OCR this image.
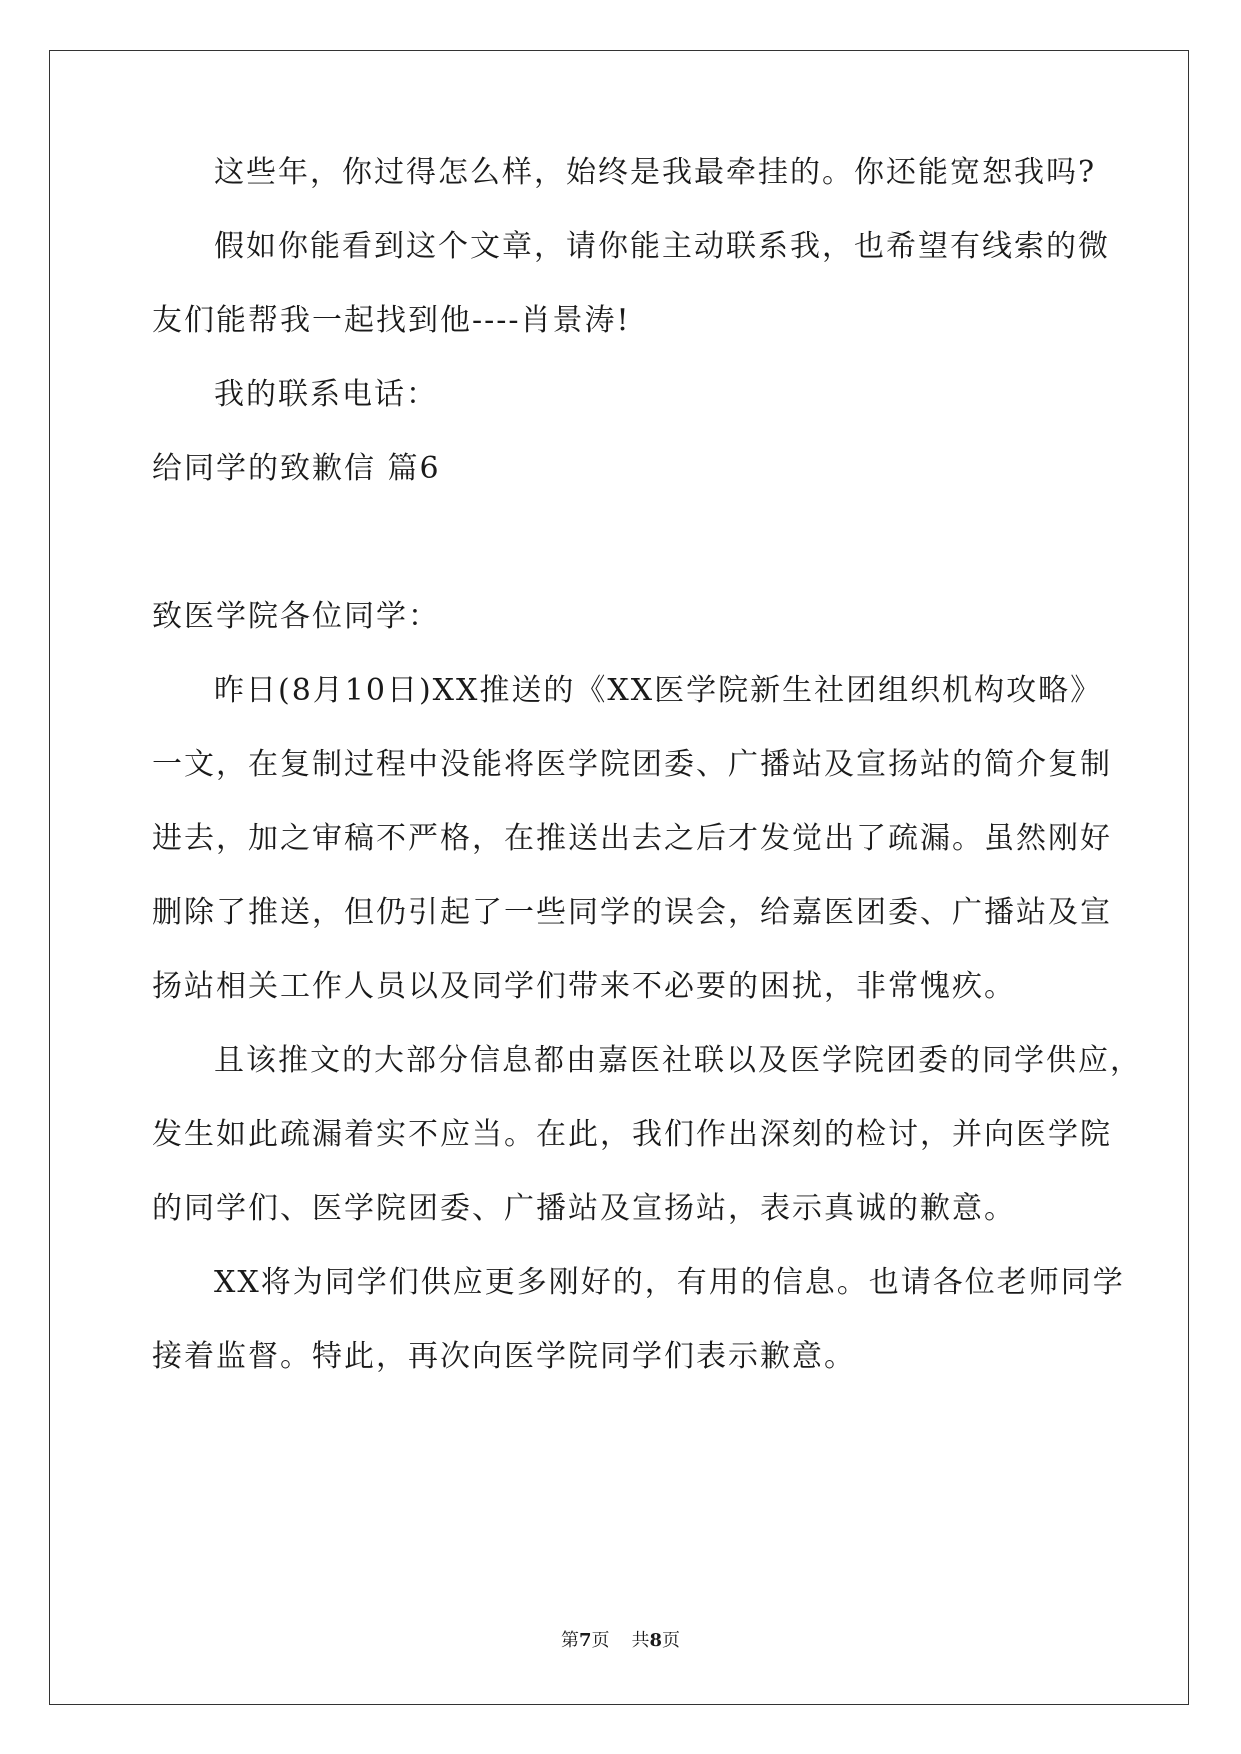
这些年，你过得怎么样，始终是我最牵挂的。你还能宽恕我吗?
假如你能看到这个文章，请你能主动联系我，也希望有线索的微
友们能帮我一起找到他----肖景涛!
我的联系电话：
给同学的致歉信 篇6
致医学院各位同学：
昨日(8月10日)XX推送的《XX医学院新生社团组织机构攻略》
一文，在复制过程中没能将医学院团委、广播站及宣扬站的简介复制
进去，加之审稿不严格，在推送出去之后才发觉出了疏漏。虽然刚好
删除了推送，但仍引起了一些同学的误会，给嘉医团委、广播站及宣
扬站相关工作人员以及同学们带来不必要的困扰，非常愧疚。
且该推文的大部分信息都由嘉医社联以及医学院团委的同学供应，
发生如此疏漏着实不应当。在此，我们作出深刻的检讨，并向医学院
的同学们、医学院团委、广播站及宣扬站，表示真诚的歉意。
XX将为同学们供应更多刚好的，有用的信息。也请各位老师同学
接着监督。特此，再次向医学院同学们表示歉意。
第7页 共8页
